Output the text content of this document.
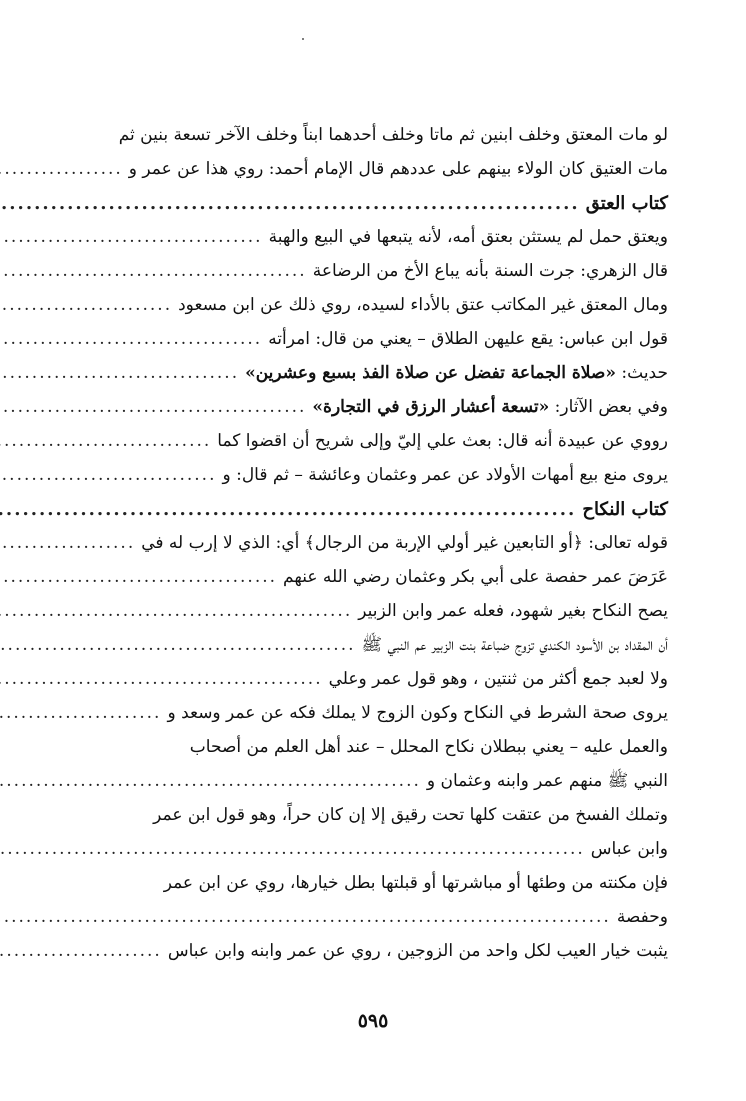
لو مات المعتق وخلف ابنين ثم ماتا وخلف أحدهما ابناً وخلف الآخر تسعة بنين ثم
مات العتيق كان الولاء بينهم على عددهم قال الإمام أحمد: روي هذا عن عمر و
.....
كتاب العتق
.....
ويعتق حمل لم يستثن بعتق أمه، لأنه يتبعها في البيع والهبة
.....
قال الزهري: جرت السنة بأنه يباع الأخ من الرضاعة
.....
ومال المعتق غير المكاتب عتق بالأداء لسيده، روي ذلك عن ابن مسعود
.....
قول ابن عباس: يقع عليهن الطلاق – يعني من قال: امرأته
.....
حديث: «صلاة الجماعة تفضل عن صلاة الفذ بسبع وعشرين»
.....
وفي بعض الآثار: «تسعة أعشار الرزق في التجارة»
.....
رووي عن عبيدة أنه قال: بعث علي إليّ وإلى شريح أن اقضوا كما
.....
يروى منع بيع أمهات الأولاد عن عمر وعثمان وعائشة – ثم قال: و
.....
كتاب النكاح
.....
قوله تعالى: ﴿أو التابعين غير أولي الإربة من الرجال﴾ أي: الذي لا إرب له في
.....
عَرَضَ عمر حفصة على أبي بكر وعثمان رضي الله عنهم
.....
يصح النكاح بغير شهود، فعله عمر وابن الزبير
.....
أن المقداد بن الأسود الكندي تزوج ضباعة بنت الزبير عم النبي ﷺ
.....
ولا لعبد جمع أكثر من ثنتين ، وهو قول عمر وعلي
.....
يروى صحة الشرط في النكاح وكون الزوج لا يملك فكه عن عمر وسعد و
.....
والعمل عليه – يعني ببطلان نكاح المحلل – عند أهل العلم من أصحاب
النبي ﷺ منهم عمر وابنه وعثمان و
.....
وتملك الفسخ من عتقت كلها تحت رقيق إلا إن كان حراً، وهو قول ابن عمر
وابن عباس
.....
فإن مكنته من وطئها أو مباشرتها أو قبلتها بطل خيارها، روي عن ابن عمر
وحفصة
.....
يثبت خيار العيب لكل واحد من الزوجين ، روي عن عمر وابنه وابن عباس
.....
٥٩٥
